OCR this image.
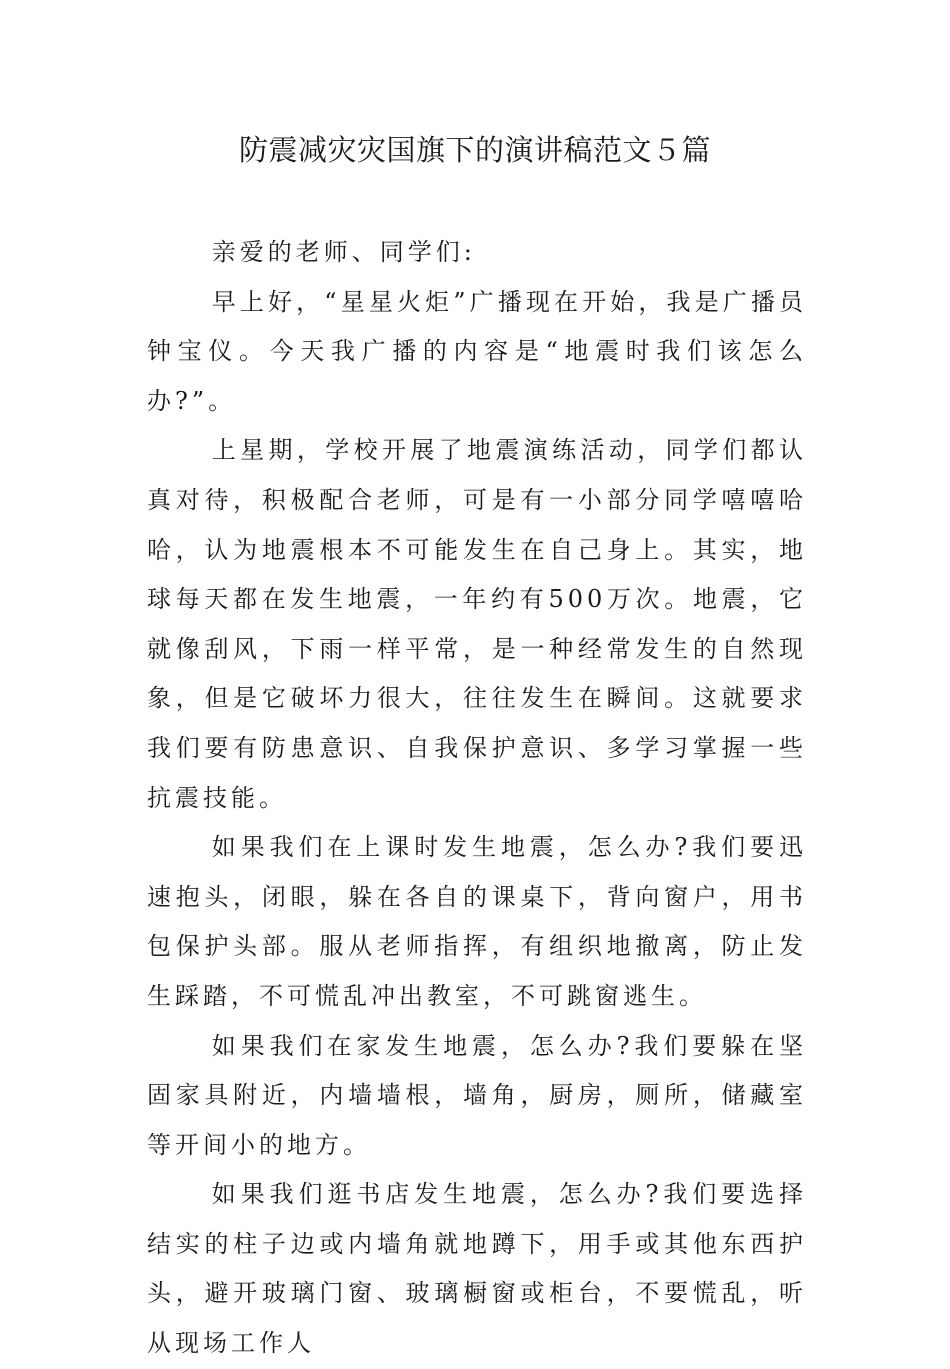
防震减灾灾国旗下的演讲稿范文５篇

亲爱的老师、同学们:

早上好，“星星火炬”广播现在开始，我是广播员钟宝仪。今天我广播的内容是“地震时我们该怎么办?”。

上星期，学校开展了地震演练活动，同学们都认真对待，积极配合老师，可是有一小部分同学嘻嘻哈哈，认为地震根本不可能发生在自己身上。其实，地球每天都在发生地震，一年约有500万次。地震，它就像刮风，下雨一样平常，是一种经常发生的自然现象，但是它破坏力很大，往往发生在瞬间。这就要求我们要有防患意识、自我保护意识、多学习掌握一些抗震技能。

如果我们在上课时发生地震，怎么办?我们要迅速抱头，闭眼，躲在各自的课桌下，背向窗户，用书包保护头部。服从老师指挥，有组织地撤离，防止发生踩踏，不可慌乱冲出教室，不可跳窗逃生。

如果我们在家发生地震，怎么办?我们要躲在坚固家具附近，内墙墙根，墙角，厨房，厕所，储藏室等开间小的地方。

如果我们逛书店发生地震，怎么办?我们要选择结实的柱子边或内墙角就地蹲下，用手或其他东西护头，避开玻璃门窗、玻璃橱窗或柜台，不要慌乱，听从现场工作人
